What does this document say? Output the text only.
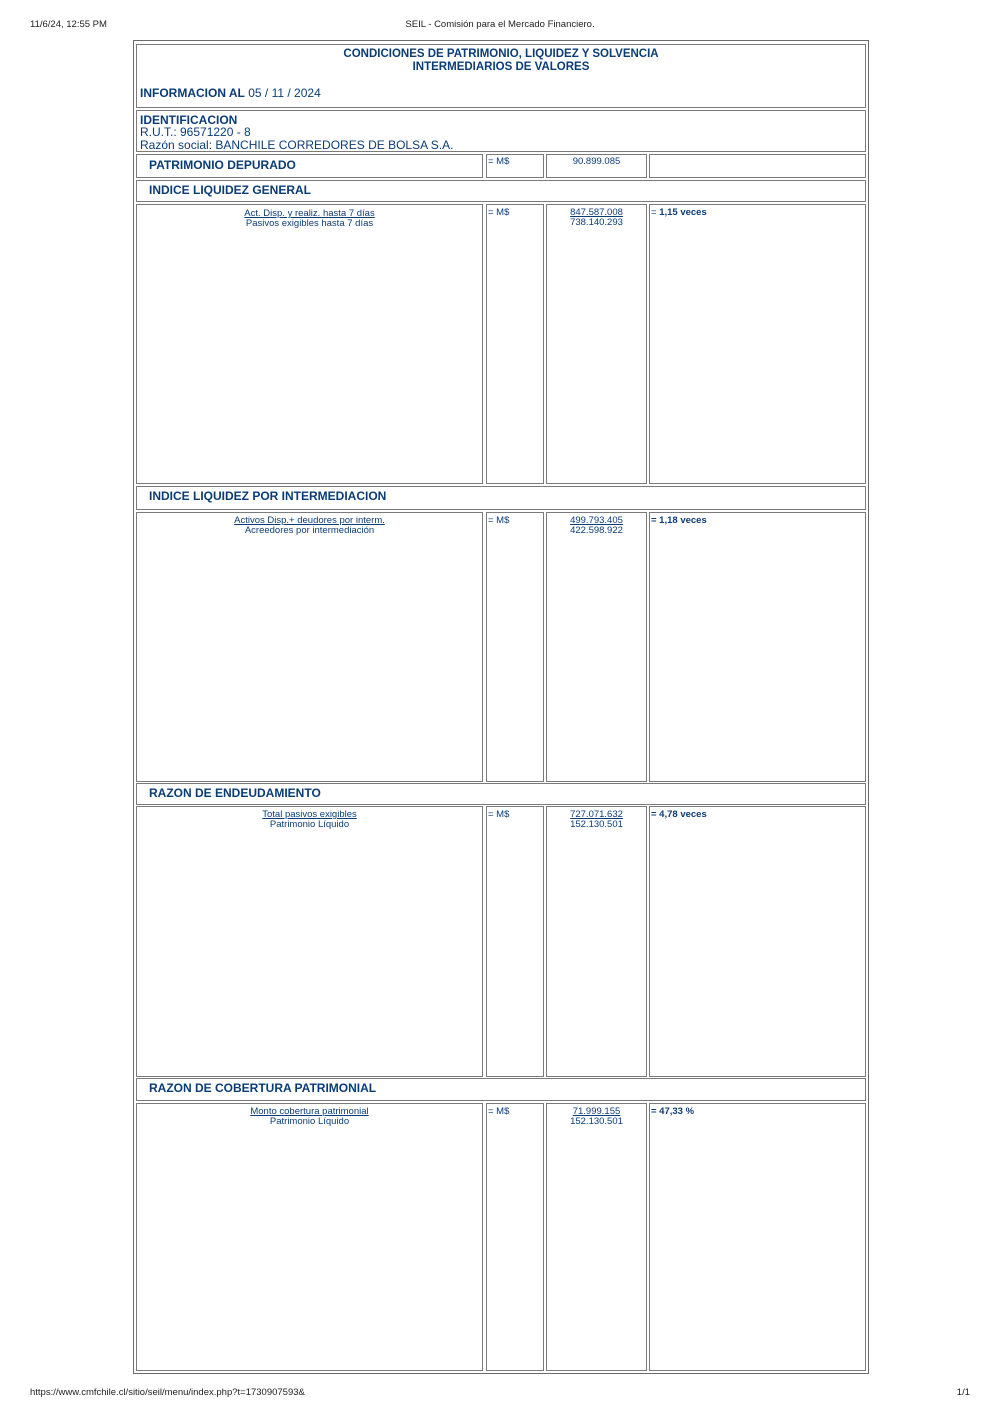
11/6/24, 12:55 PM	SEIL - Comisión para el Mercado Financiero.
https://www.cmfchile.cl/sitio/seil/menu/index.php?t=1730907593&	1/1
CONDICIONES DE PATRIMONIO, LIQUIDEZ Y SOLVENCIA
INTERMEDIARIOS DE VALORES
INFORMACION AL 05 / 11 / 2024
IDENTIFICACION
R.U.T.: 96571220 - 8
Razón social: BANCHILE CORREDORES DE BOLSA S.A.
PATRIMONIO DEPURADO	= M$	90.899.085
INDICE LIQUIDEZ GENERAL
Act. Disp. y realiz. hasta 7 días
Pasivos exigibles hasta 7 días
= M$	$\frac{847.587.008}{738.140.293} = 1,15$ veces
INDICE LIQUIDEZ POR INTERMEDIACION
Activos Disp.+ deudores por interm.
Acreedores por intermediación
= M$	$\frac{499.793.405}{422.598.922} = 1,18$ veces
RAZON DE ENDEUDAMIENTO
Total pasivos exigibles
Patrimonio Líquido
= M$	$\frac{727.071.632}{152.130.501} = 4,78$ veces
RAZON DE COBERTURA PATRIMONIAL
Monto cobertura patrimonial
Patrimonio Líquido
= M$	$\frac{71.999.155}{152.130.501} = 47,33$ %
